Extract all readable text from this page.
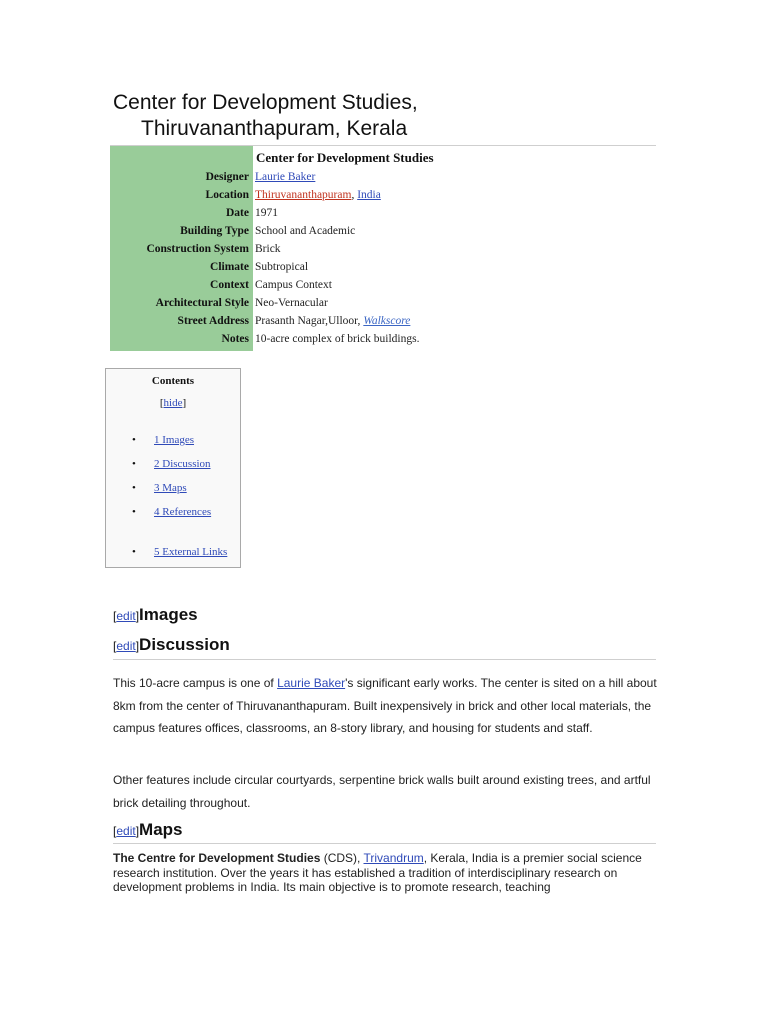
Center for Development Studies,
Thiruvananthapuram, Kerala
Center for Development Studies
Designer Laurie Baker
Location Thiruvananthapuram, India
Date 1971
Building Type School and Academic
Construction System Brick
Climate Subtropical
Context Campus Context
Architectural Style Neo-Vernacular
Street Address Prasanth Nagar,Ulloor, Walkscore
Notes 10-acre complex of brick buildings.
Contents
[hide]
• 1 Images
• 2 Discussion
• 3 Maps
• 4 References
• 5 External Links
[edit]Images
[edit]Discussion
This 10-acre campus is one of Laurie Baker's significant early works. The center is sited on a hill about 8km from the center of Thiruvananthapuram. Built inexpensively in brick and other local materials, the campus features offices, classrooms, an 8-story library, and housing for students and staff.
Other features include circular courtyards, serpentine brick walls built around existing trees, and artful brick detailing throughout.
[edit]Maps
The Centre for Development Studies (CDS), Trivandrum, Kerala, India is a premier social science research institution. Over the years it has established a tradition of interdisciplinary research on development problems in India. Its main objective is to promote research, teaching
